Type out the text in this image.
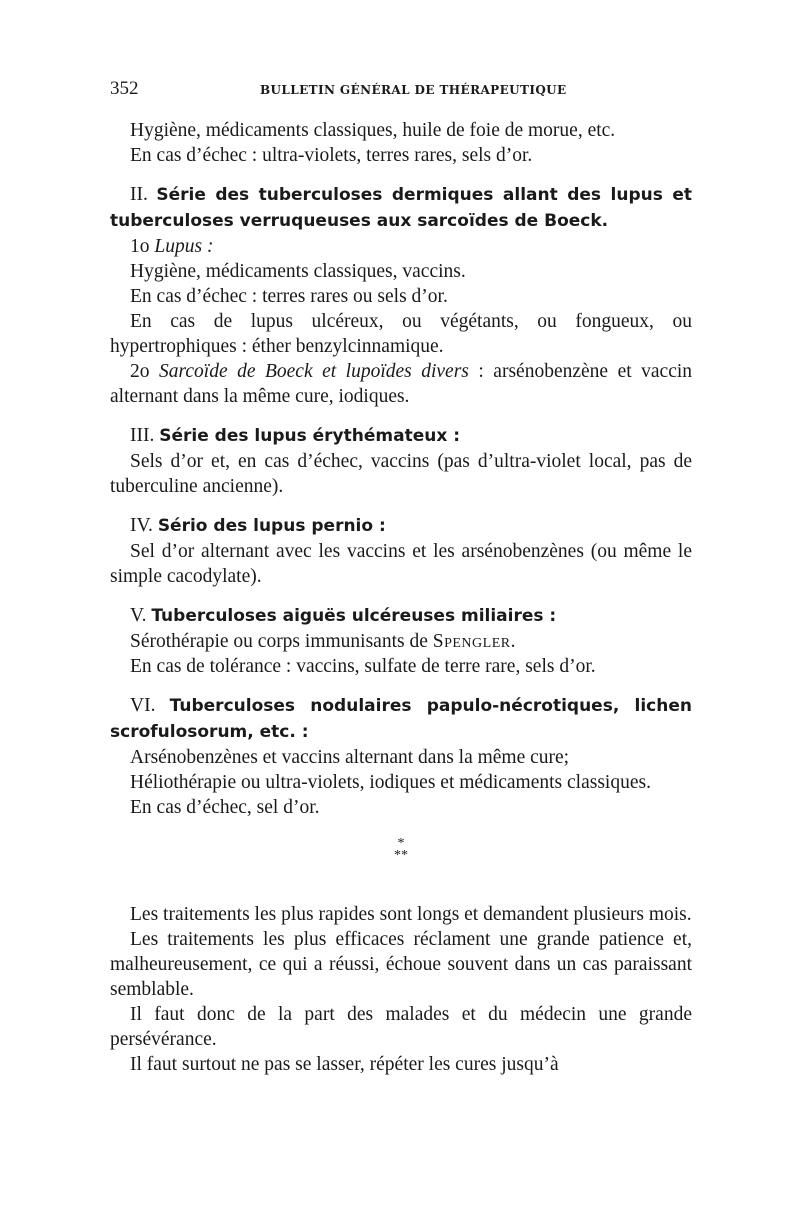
352	BULLETIN GÉNÉRAL DE THÉRAPEUTIQUE

Hygiène, médicaments classiques, huile de foie de morue, etc.

En cas d’échec : ultra-violets, terres rares, sels d’or.

II. Série des tuberculoses dermiques allant des lupus et tuberculoses verruqueuses aux sarcoïdes de Boeck.

1o Lupus :

Hygiène, médicaments classiques, vaccins.

En cas d’échec : terres rares ou sels d’or.

En cas de lupus ulcéreux, ou végétants, ou fongueux, ou hypertrophiques : éther benzylcinnamique.

2o Sarcoïde de Boeck et lupoïdes divers : arsénobenzène et vaccin alternant dans la même cure, iodiques.

III. Série des lupus érythémateux :

Sels d’or et, en cas d’échec, vaccins (pas d’ultra-violet local, pas de tuberculine ancienne).

IV. Sério des lupus pernio :

Sel d’or alternant avec les vaccins et les arsénobenzènes (ou même le simple cacodylate).

V. Tuberculoses aiguës ulcéreuses miliaires :

Sérothérapie ou corps immunisants de Spengler.

En cas de tolérance : vaccins, sulfate de terre rare, sels d’or.

VI. Tuberculoses nodulaires papulo-nécrotiques, lichen scrofulosorum, etc. :

Arsénobenzènes et vaccins alternant dans la même cure;

Héliothérapie ou ultra-violets, iodiques et médicaments classiques.

En cas d’échec, sel d’or.

*
**

Les traitements les plus rapides sont longs et demandent plusieurs mois.

Les traitements les plus efficaces réclament une grande patience et, malheureusement, ce qui a réussi, échoue souvent dans un cas paraissant semblable.

Il faut donc de la part des malades et du médecin une grande persévérance.

Il faut surtout ne pas se lasser, répéter les cures jusqu’à
